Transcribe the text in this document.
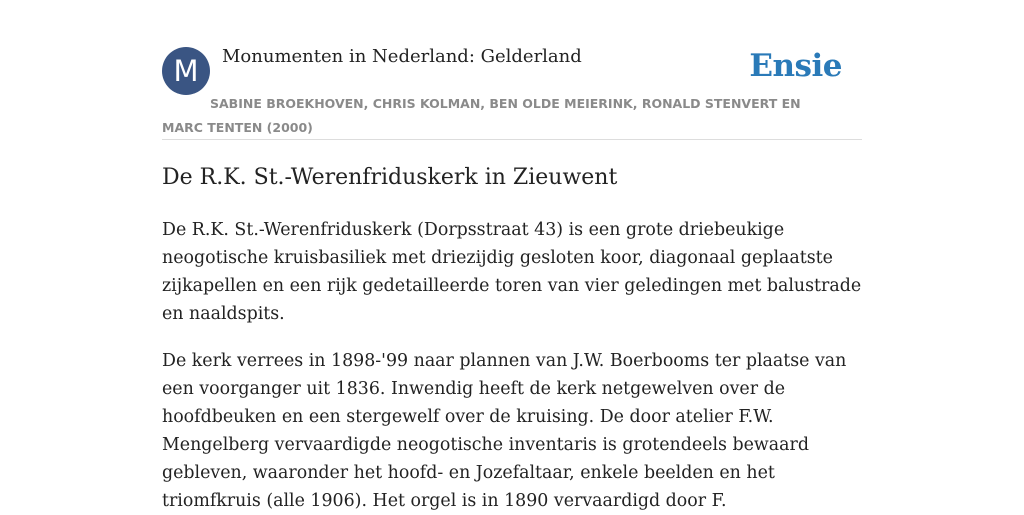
M	Monumenten in Nederland: Gelderland	Ensie
SABINE BROEKHOVEN, CHRIS KOLMAN, BEN OLDE MEIERINK, RONALD STENVERT EN MARC TENTEN (2000)
De R.K. St.-Werenfriduskerk in Zieuwent

De R.K. St.-Werenfriduskerk (Dorpsstraat 43) is een grote driebeukige neogotische kruisbasiliek met driezijdig gesloten koor, diagonaal geplaatste zijkapellen en een rijk gedetailleerde toren van vier geledingen met balustrade en naaldspits.

De kerk verrees in 1898-'99 naar plannen van J.W. Boerbooms ter plaatse van een voorganger uit 1836. Inwendig heeft de kerk netgewelven over de hoofdbeuken en een stergewelf over de kruising. De door atelier F.W. Mengelberg vervaardigde neogotische inventaris is grotendeels bewaard gebleven, waaronder het hoofd- en Jozefaltaar, enkele beelden en het triomfkruis (alle 1906). Het orgel is in 1890 vervaardigd door F.
